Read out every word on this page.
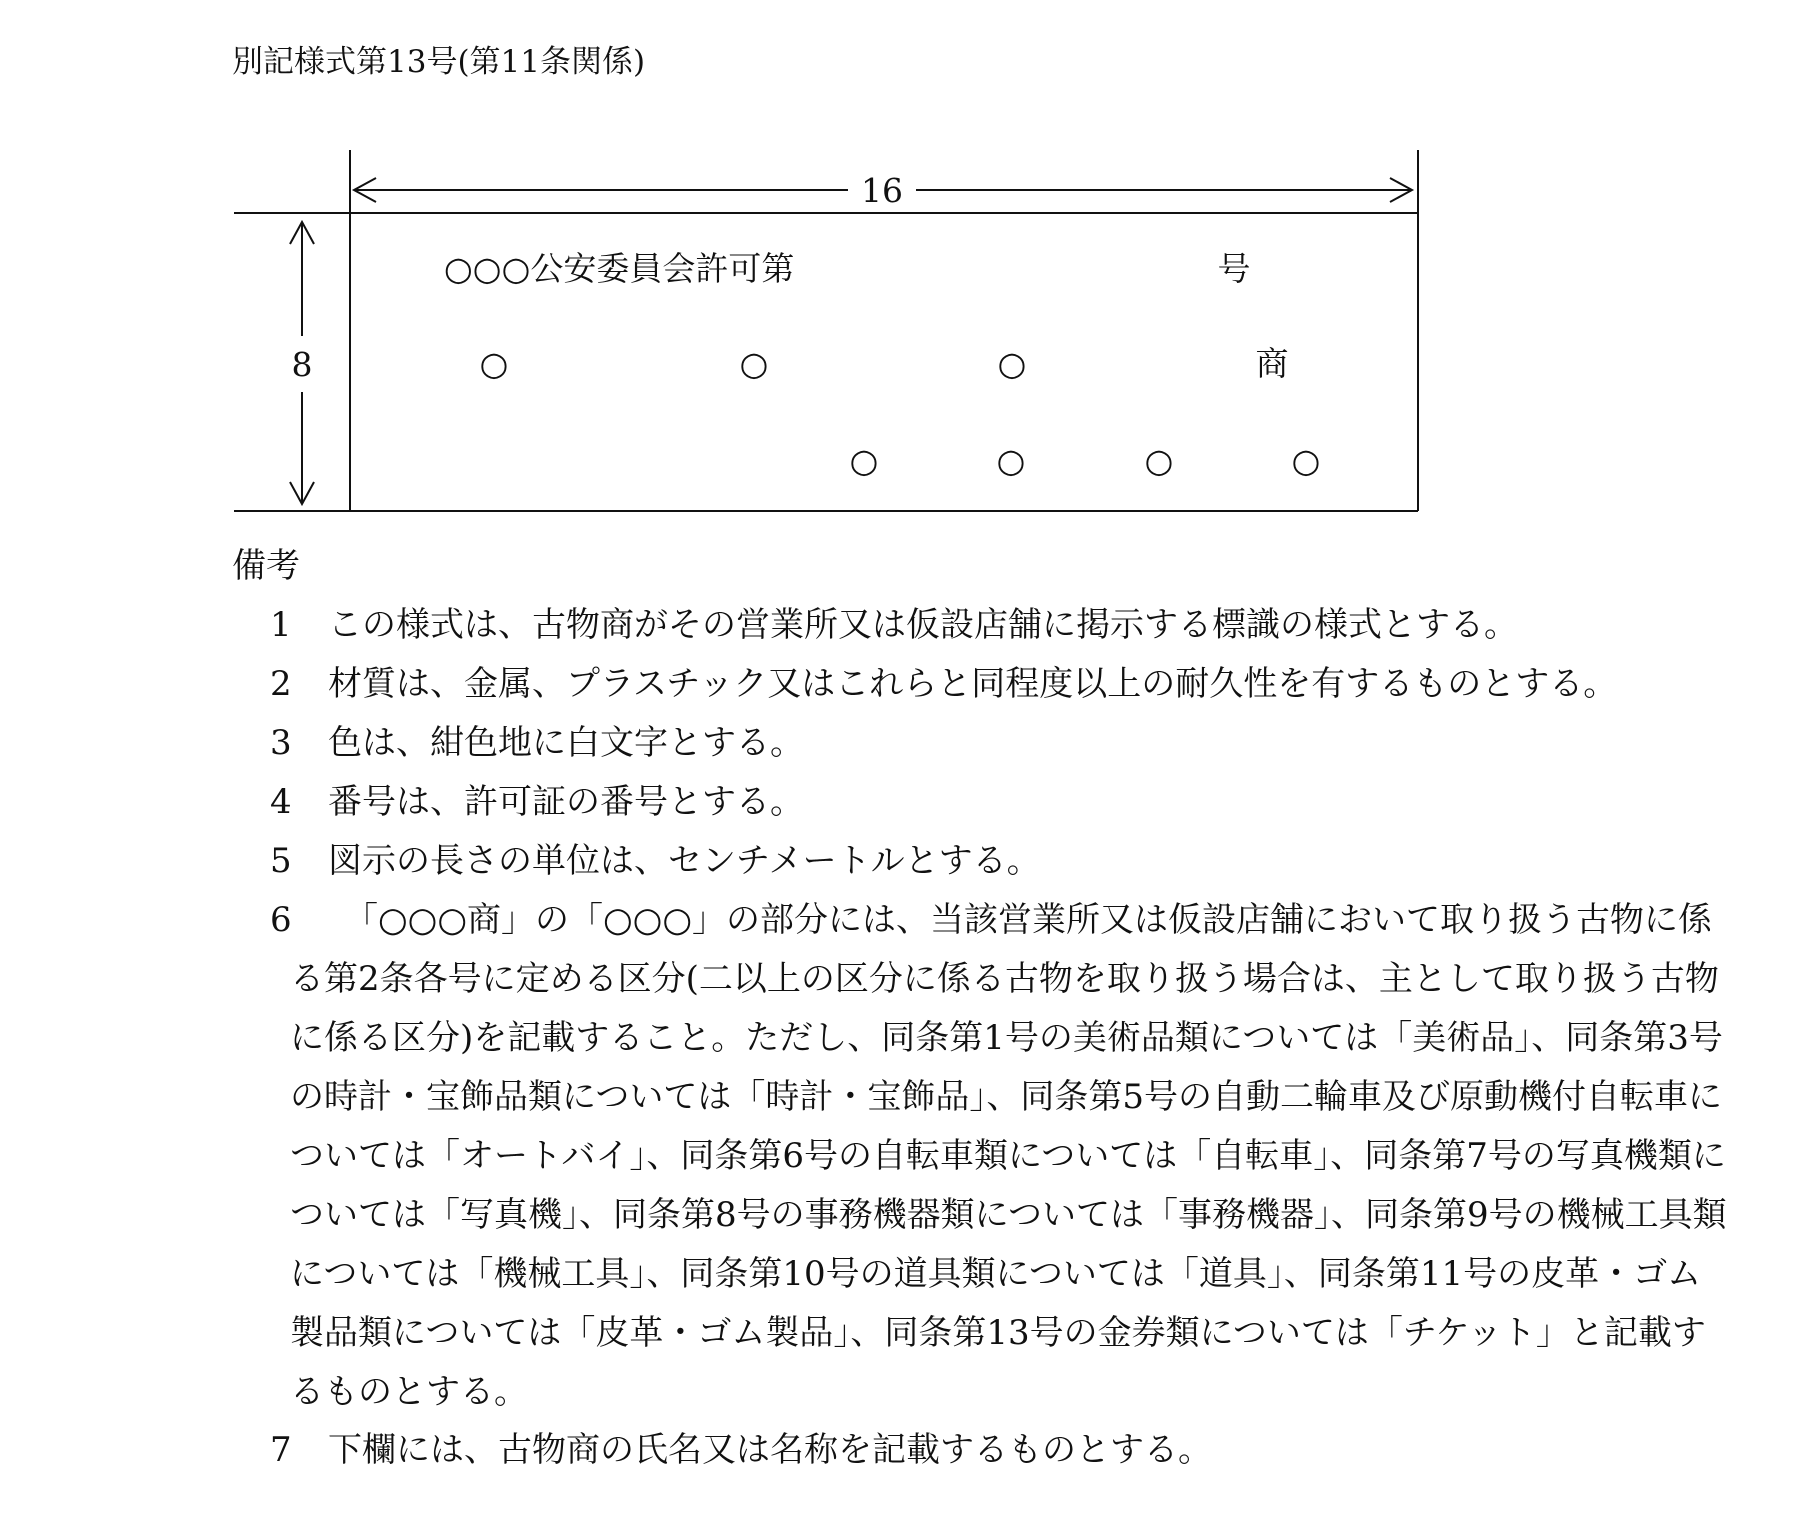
別記様式第13号(第11条関係)
16
8
○○○公安委員会許可第	号
○	○	○	商
○	○	○	○
備考
1	この様式は、古物商がその営業所又は仮設店舗に掲示する標識の様式とする。
2	材質は、金属、プラスチック又はこれらと同程度以上の耐久性を有するものとする。
3	色は、紺色地に白文字とする。
4	番号は、許可証の番号とする。
5	図示の長さの単位は、センチメートルとする。
6	「○○○商」の「○○○」の部分には、当該営業所又は仮設店舗において取り扱う古物に係る第2条各号に定める区分(二以上の区分に係る古物を取り扱う場合は、主として取り扱う古物に係る区分)を記載すること。ただし、同条第1号の美術品類については「美術品」、同条第3号の時計・宝飾品類については「時計・宝飾品」、同条第5号の自動二輪車及び原動機付自転車については「オートバイ」、同条第6号の自転車類については「自転車」、同条第7号の写真機類については「写真機」、同条第8号の事務機器類については「事務機器」、同条第9号の機械工具類については「機械工具」、同条第10号の道具類については「道具」、同条第11号の皮革・ゴム製品類については「皮革・ゴム製品」、同条第13号の金券類については「チケット」と記載するものとする。
7	下欄には、古物商の氏名又は名称を記載するものとする。
